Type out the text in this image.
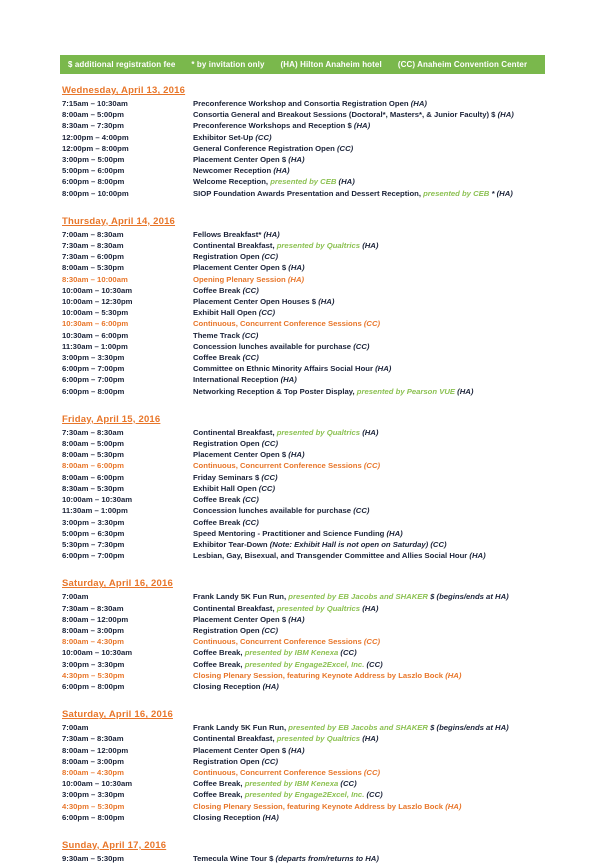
$ additional registration fee * by invitation only (HA) Hilton Anaheim hotel (CC) Anaheim Convention Center
Wednesday, April 13, 2016
7:15am – 10:30am	Preconference Workshop and Consortia Registration Open (HA)
8:00am – 5:00pm	Consortia General and Breakout Sessions (Doctoral*, Masters*, & Junior Faculty) $ (HA)
8:30am – 7:30pm	Preconference Workshops and Reception $ (HA)
12:00pm – 4:00pm	Exhibitor Set-Up (CC)
12:00pm – 8:00pm	General Conference Registration Open (CC)
3:00pm – 5:00pm	Placement Center Open $ (HA)
5:00pm – 6:00pm	Newcomer Reception (HA)
6:00pm – 8:00pm	Welcome Reception, presented by CEB (HA)
8:00pm – 10:00pm	SIOP Foundation Awards Presentation and Dessert Reception, presented by CEB * (HA)
Thursday, April 14, 2016
7:00am – 8:30am	Fellows Breakfast* (HA)
7:30am – 8:30am	Continental Breakfast, presented by Qualtrics (HA)
7:30am – 6:00pm	Registration Open (CC)
8:00am – 5:30pm	Placement Center Open $ (HA)
8:30am – 10:00am	Opening Plenary Session (HA)
10:00am – 10:30am	Coffee Break (CC)
10:00am – 12:30pm	Placement Center Open Houses $ (HA)
10:00am – 5:30pm	Exhibit Hall Open (CC)
10:30am – 6:00pm	Continuous, Concurrent Conference Sessions (CC)
10:30am – 6:00pm	Theme Track (CC)
11:30am – 1:00pm	Concession lunches available for purchase (CC)
3:00pm – 3:30pm	Coffee Break (CC)
6:00pm – 7:00pm	Committee on Ethnic Minority Affairs Social Hour (HA)
6:00pm – 7:00pm	International Reception (HA)
6:00pm – 8:00pm	Networking Reception & Top Poster Display, presented by Pearson VUE (HA)
Friday, April 15, 2016
7:30am – 8:30am	Continental Breakfast, presented by Qualtrics (HA)
8:00am – 5:00pm	Registration Open (CC)
8:00am – 5:30pm	Placement Center Open $ (HA)
8:00am – 6:00pm	Continuous, Concurrent Conference Sessions (CC)
8:00am – 6:00pm	Friday Seminars $ (CC)
8:30am – 5:30pm	Exhibit Hall Open (CC)
10:00am – 10:30am	Coffee Break (CC)
11:30am – 1:00pm	Concession lunches available for purchase (CC)
3:00pm – 3:30pm	Coffee Break (CC)
5:00pm – 6:30pm	Speed Mentoring - Practitioner and Science Funding (HA)
5:30pm – 7:30pm	Exhibitor Tear-Down (Note: Exhibit Hall is not open on Saturday) (CC)
6:00pm – 7:00pm	Lesbian, Gay, Bisexual, and Transgender Committee and Allies Social Hour (HA)
Saturday, April 16, 2016
7:00am	Frank Landy 5K Fun Run, presented by EB Jacobs and SHAKER $ (begins/ends at HA)
7:30am – 8:30am	Continental Breakfast, presented by Qualtrics (HA)
8:00am – 12:00pm	Placement Center Open $ (HA)
8:00am – 3:00pm	Registration Open (CC)
8:00am – 4:30pm	Continuous, Concurrent Conference Sessions (CC)
10:00am – 10:30am	Coffee Break, presented by IBM Kenexa (CC)
3:00pm – 3:30pm	Coffee Break, presented by Engage2Excel, Inc. (CC)
4:30pm – 5:30pm	Closing Plenary Session, featuring Keynote Address by Laszlo Bock (HA)
6:00pm – 8:00pm	Closing Reception (HA)
Saturday, April 16, 2016
7:00am	Frank Landy 5K Fun Run, presented by EB Jacobs and SHAKER $ (begins/ends at HA)
7:30am – 8:30am	Continental Breakfast, presented by Qualtrics (HA)
8:00am – 12:00pm	Placement Center Open $ (HA)
8:00am – 3:00pm	Registration Open (CC)
8:00am – 4:30pm	Continuous, Concurrent Conference Sessions (CC)
10:00am – 10:30am	Coffee Break, presented by IBM Kenexa (CC)
3:00pm – 3:30pm	Coffee Break, presented by Engage2Excel, Inc. (CC)
4:30pm – 5:30pm	Closing Plenary Session, featuring Keynote Address by Laszlo Bock (HA)
6:00pm – 8:00pm	Closing Reception (HA)
Sunday, April 17, 2016
9:30am – 5:30pm	Temecula Wine Tour $ (departs from/returns to HA)
